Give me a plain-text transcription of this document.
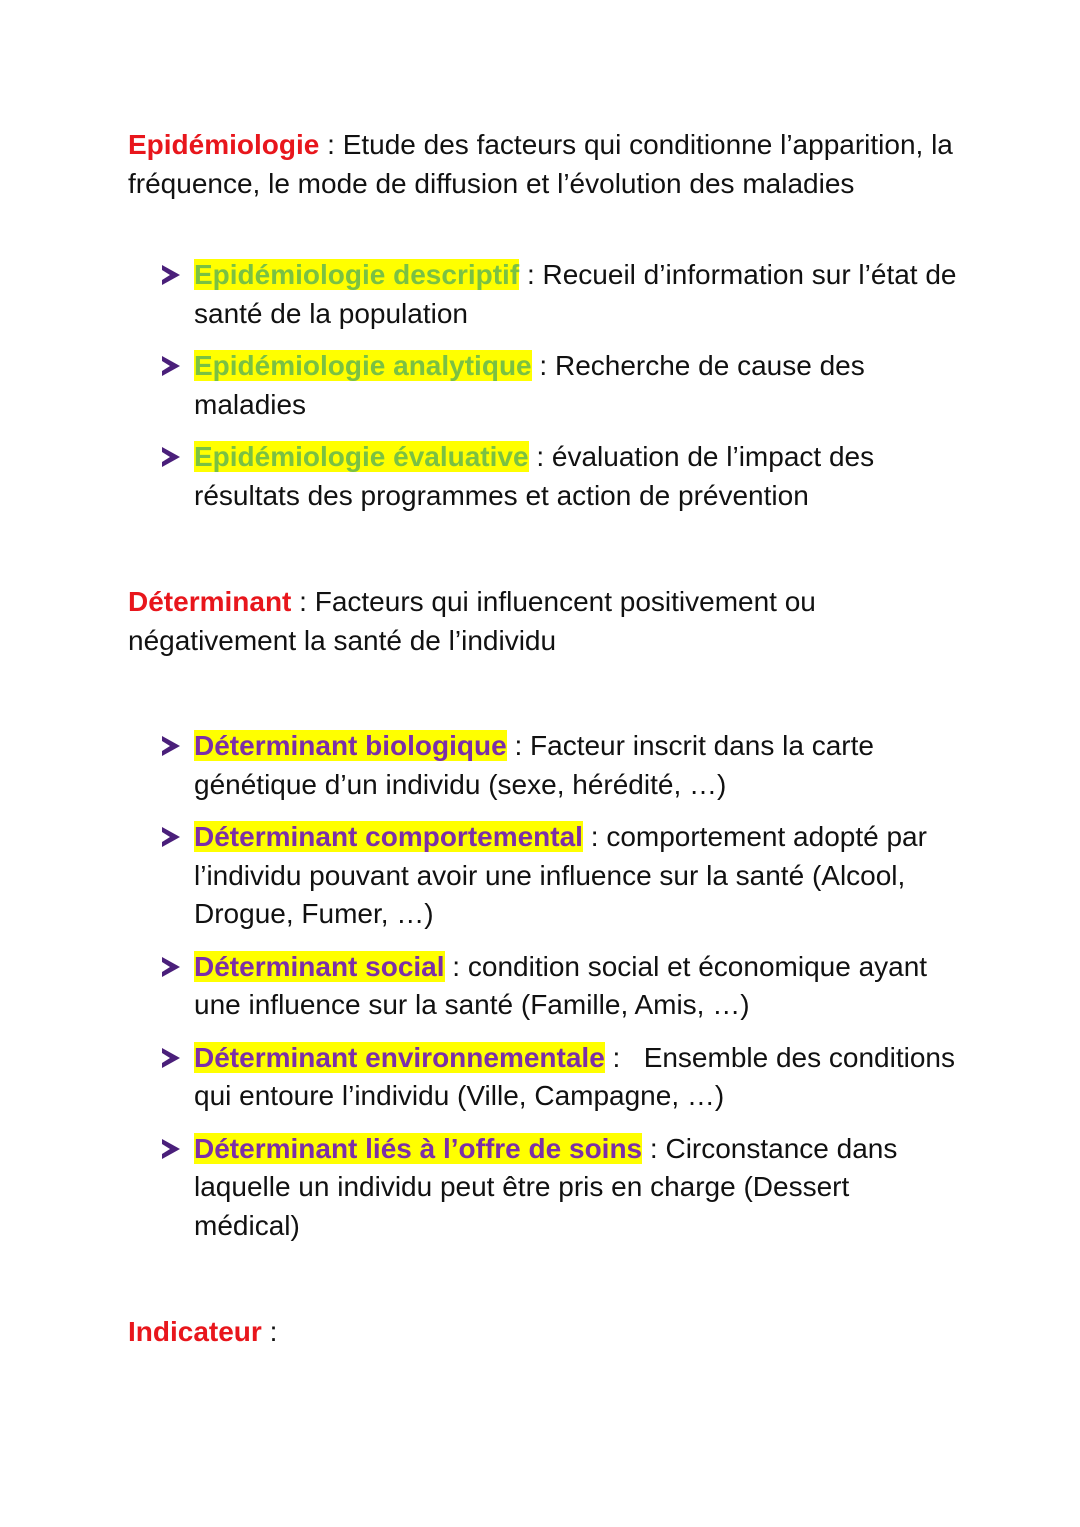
Epidémiologie : Etude des facteurs qui conditionne l’apparition, la fréquence, le mode de diffusion et l’évolution des maladies

Epidémiologie descriptif : Recueil d’information sur l’état de santé de la population
Epidémiologie analytique : Recherche de cause des maladies
Epidémiologie évaluative : évaluation de l’impact des résultats des programmes et action de prévention

Déterminant : Facteurs qui influencent positivement ou négativement la santé de l’individu

Déterminant biologique : Facteur inscrit dans la carte génétique d’un individu (sexe, hérédité, …)
Déterminant comportemental : comportement adopté par l’individu pouvant avoir une influence sur la santé (Alcool, Drogue, Fumer, …)
Déterminant social : condition social et économique ayant une influence sur la santé (Famille, Amis, …)
Déterminant environnementale :   Ensemble des conditions qui entoure l’individu (Ville, Campagne, …)
Déterminant liés à l’offre de soins : Circonstance dans laquelle un individu peut être pris en charge (Dessert médical)

Indicateur :
